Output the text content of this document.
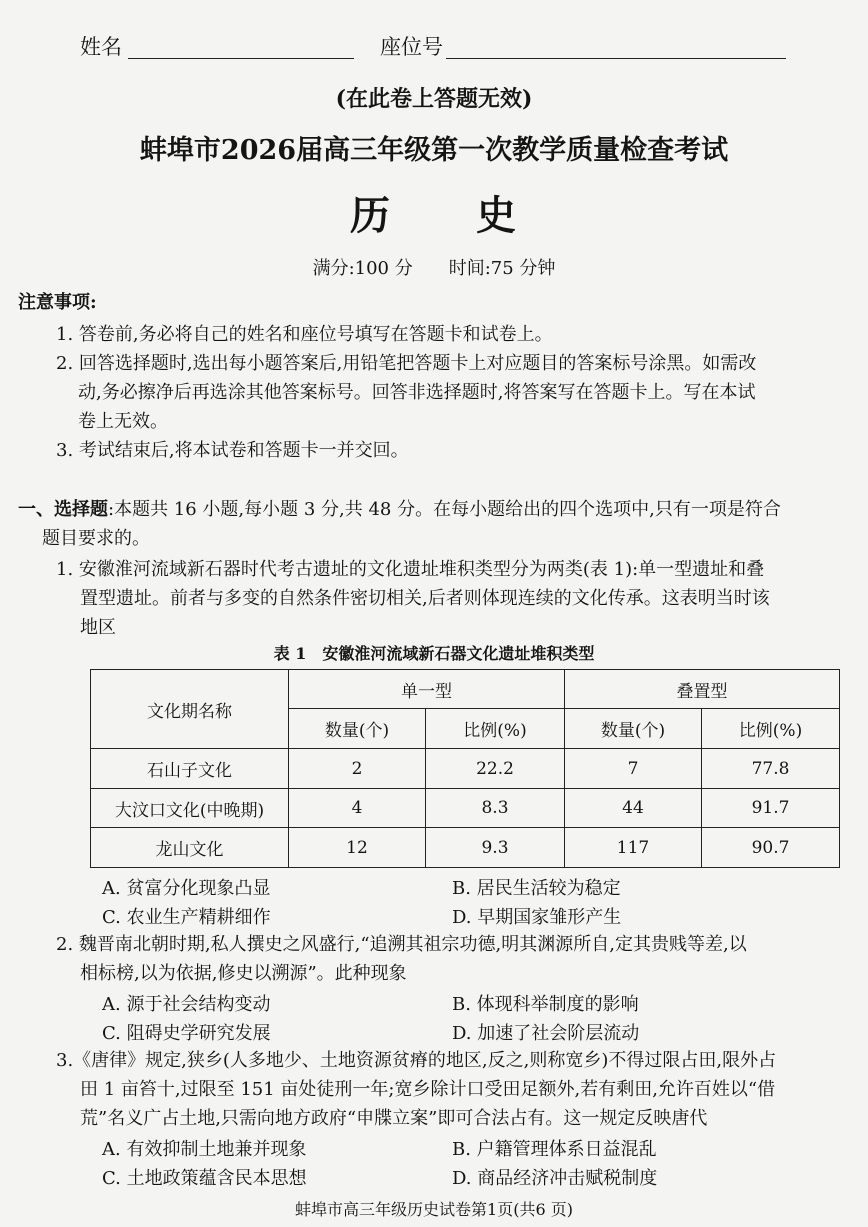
姓名	座位号
(在此卷上答题无效)
蚌埠市2026届高三年级第一次教学质量检查考试
历　　史
满分:100 分　　时间:75 分钟
注意事项:
1. 答卷前,务必将自己的姓名和座位号填写在答题卡和试卷上。
2. 回答选择题时,选出每小题答案后,用铅笔把答题卡上对应题目的答案标号涂黑。如需改
动,务必擦净后再选涂其他答案标号。回答非选择题时,将答案写在答题卡上。写在本试
卷上无效。
3. 考试结束后,将本试卷和答题卡一并交回。
一、选择题:本题共 16 小题,每小题 3 分,共 48 分。在每小题给出的四个选项中,只有一项是符合
题目要求的。
1. 安徽淮河流域新石器时代考古遗址的文化遗址堆积类型分为两类(表 1):单一型遗址和叠
置型遗址。前者与多变的自然条件密切相关,后者则体现连续的文化传承。这表明当时该
地区
表 1　安徽淮河流域新石器文化遗址堆积类型
文化期名称	单一型		叠置型	
	数量(个)	比例(%)	数量(个)	比例(%)
石山子文化	2	22.2	7	77.8
大汶口文化(中晚期)	4	8.3	44	91.7
龙山文化	12	9.3	117	90.7
A. 贫富分化现象凸显	B. 居民生活较为稳定
C. 农业生产精耕细作	D. 早期国家雏形产生
2. 魏晋南北朝时期,私人撰史之风盛行,“追溯其祖宗功德,明其渊源所自,定其贵贱等差,以
相标榜,以为依据,修史以溯源”。此种现象
A. 源于社会结构变动	B. 体现科举制度的影响
C. 阻碍史学研究发展	D. 加速了社会阶层流动
3.《唐律》规定,狭乡(人多地少、土地资源贫瘠的地区,反之,则称宽乡)不得过限占田,限外占
田 1 亩笞十,过限至 151 亩处徒刑一年;宽乡除计口受田足额外,若有剩田,允许百姓以“借
荒”名义广占土地,只需向地方政府“申牒立案”即可合法占有。这一规定反映唐代
A. 有效抑制土地兼并现象	B. 户籍管理体系日益混乱
C. 土地政策蕴含民本思想	D. 商品经济冲击赋税制度
蚌埠市高三年级历史试卷第1页(共6 页)
